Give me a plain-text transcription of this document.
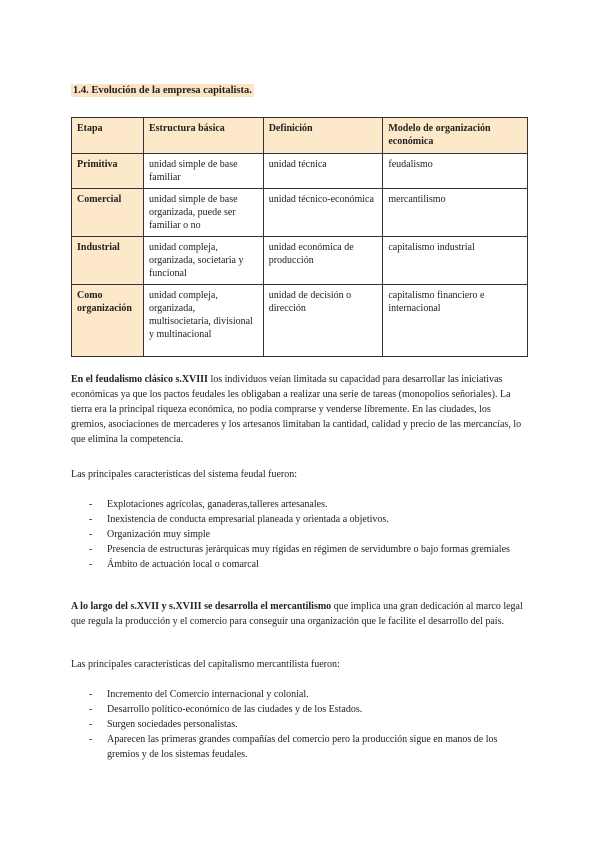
1.4. Evolución de la empresa capitalista.
Etapa	Estructura básica	Definición	Modelo de organización económica
Primitiva	unidad simple de base familiar	unidad técnica	feudalismo
Comercial	unidad simple de base organizada, puede ser familiar o no	unidad técnico-económica	mercantilismo
Industrial	unidad compleja, organizada, societaria y funcional	unidad económica de producción	capitalismo industrial
Como organización	unidad compleja, organizada, multisocietaria, divisional y multinacional	unidad de decisión o dirección	capitalismo financiero e internacional

En el feudalismo clásico s.XVIII los individuos veían limitada su capacidad para desarrollar las iniciativas económicas ya que los pactos feudales les obligaban a realizar una serie de tareas (monopolios señoriales). La tierra era la principal riqueza económica, no podía comprarse y venderse libremente. En las ciudades, los gremios, asociaciones de mercaderes y los artesanos limitaban la cantidad, calidad y precio de las mercancías, lo que elimina la competencia.

Las principales características del sistema feudal fueron:

- Explotaciones agrícolas, ganaderas,talleres artesanales.
- Inexistencia de conducta empresarial planeada y orientada a objetivos.
- Organización muy simple
- Presencia de estructuras jerárquicas muy rígidas en régimen de servidumbre o bajo formas gremiales
- Ámbito de actuación local o comarcal

A lo largo del s.XVII y s.XVIII se desarrolla el mercantilismo que implica una gran dedicación al marco legal que regula la producción y el comercio para conseguir una organización que le facilite el desarrollo del país.

Las principales características del capitalismo mercantilista fueron:

- Incremento del Comercio internacional y colonial.
- Desarrollo político-económico de las ciudades y de los Estados.
- Surgen sociedades personalistas.
- Aparecen las primeras grandes compañías del comercio pero la producción sigue en manos de los gremios y de los sistemas feudales.
